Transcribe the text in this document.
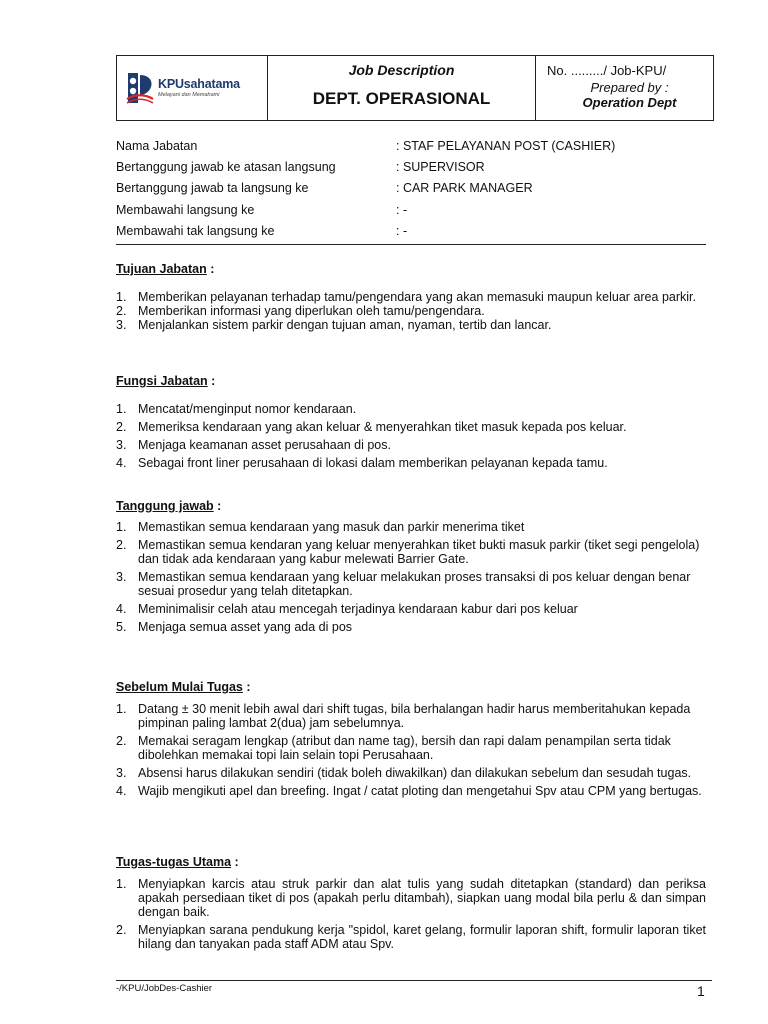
KPUsahatama
Melayani dan Memahami
Job Description
DEPT. OPERASIONAL
No. ........./ Job-KPU/
Prepared by :
Operation Dept
Nama Jabatan	: STAF PELAYANAN POST (CASHIER)
Bertanggung jawab ke atasan langsung	: SUPERVISOR
Bertanggung jawab ta langsung ke	: CAR PARK MANAGER
Membawahi langsung ke	: -
Membawahi tak langsung ke	: -
Tujuan Jabatan :
1. Memberikan pelayanan terhadap tamu/pengendara yang akan memasuki maupun keluar area parkir.
2. Memberikan informasi yang diperlukan oleh tamu/pengendara.
3. Menjalankan sistem parkir dengan tujuan aman, nyaman, tertib dan lancar.
Fungsi Jabatan :
1. Mencatat/menginput nomor kendaraan.
2. Memeriksa kendaraan yang akan keluar & menyerahkan tiket masuk kepada pos keluar.
3. Menjaga keamanan asset perusahaan di pos.
4. Sebagai front liner perusahaan di lokasi dalam memberikan pelayanan kepada tamu.
Tanggung jawab :
1. Memastikan semua kendaraan yang masuk dan parkir menerima tiket
2. Memastikan semua kendaran yang keluar menyerahkan tiket bukti masuk parkir (tiket segi pengelola) dan tidak ada kendaraan yang kabur melewati Barrier Gate.
3. Memastikan semua kendaraan yang keluar melakukan proses transaksi di pos keluar dengan benar sesuai prosedur yang telah ditetapkan.
4. Meminimalisir celah atau mencegah terjadinya kendaraan kabur dari pos keluar
5. Menjaga semua asset yang ada di pos
Sebelum Mulai Tugas :
1. Datang ± 30 menit lebih awal dari shift tugas, bila berhalangan hadir harus memberitahukan kepada pimpinan paling lambat 2(dua) jam sebelumnya.
2. Memakai seragam lengkap (atribut dan name tag), bersih dan rapi dalam penampilan serta tidak dibolehkan memakai topi lain selain topi Perusahaan.
3. Absensi harus dilakukan sendiri (tidak boleh diwakilkan) dan dilakukan sebelum dan sesudah tugas.
4. Wajib mengikuti apel dan breefing. Ingat / catat ploting dan mengetahui Spv atau CPM yang bertugas.
Tugas-tugas Utama :
1. Menyiapkan karcis atau struk parkir dan alat tulis yang sudah ditetapkan (standard) dan periksa apakah persediaan tiket di pos (apakah perlu ditambah), siapkan uang modal bila perlu & dan simpan dengan baik.
2. Menyiapkan sarana pendukung kerja "spidol, karet gelang, formulir laporan shift, formulir laporan tiket hilang dan tanyakan pada staff ADM atau Spv.
-/KPU/JobDes-Cashier	1
